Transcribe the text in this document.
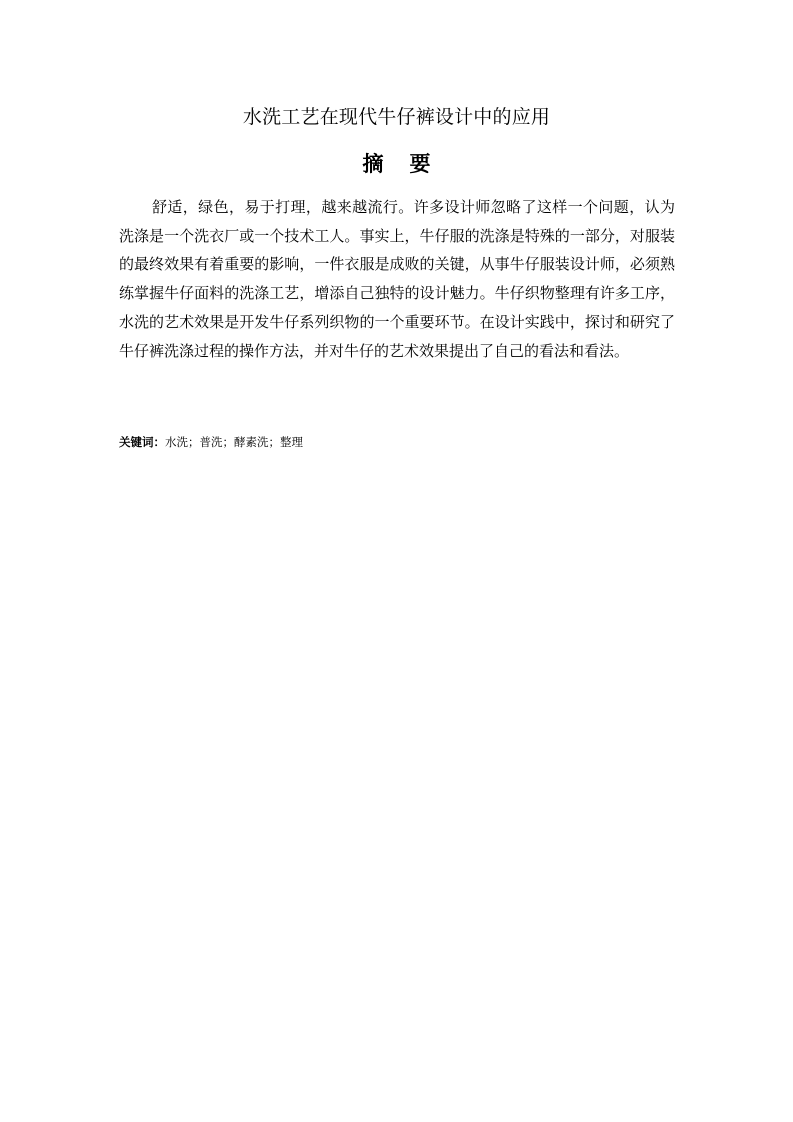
水洗工艺在现代牛仔裤设计中的应用
摘要

舒适，绿色，易于打理，越来越流行。许多设计师忽略了这样一个问题，认为洗涤是一个洗衣厂或一个技术工人。事实上，牛仔服的洗涤是特殊的一部分，对服装的最终效果有着重要的影响，一件衣服是成败的关键，从事牛仔服装设计师，必须熟练掌握牛仔面料的洗涤工艺，增添自己独特的设计魅力。牛仔织物整理有许多工序，水洗的艺术效果是开发牛仔系列织物的一个重要环节。在设计实践中，探讨和研究了牛仔裤洗涤过程的操作方法，并对牛仔的艺术效果提出了自己的看法和看法。

关键词：水洗；普洗；酵素洗；整理
